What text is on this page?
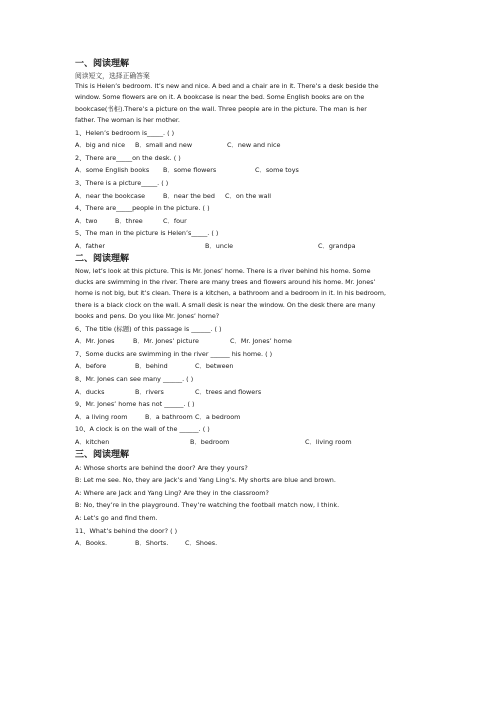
一、阅读理解
阅读短文，选择正确答案
This is Helen’s bedroom. It’s new and nice. A bed and a chair are in it. There’s a desk beside the
window. Some flowers are on it. A bookcase is near the bed. Some English books are on the
bookcase(书柜).There’s a picture on the wall. Three people are in the picture. The man is her
father. The woman is her mother.
1、Helen’s bedroom is_____. ( )
A．big and nice B．small and new	C．new and nice
2、There are_____on the desk. ( )
A．some English books B．some flowers	C．some toys
3、There is a picture_____. ( )
A．near the bookcase	B．near the bed C．on the wall
4、There are_____people in the picture. ( )
A．two	B．three	C．four
5、The man in the picture is Helen’s_____. ( )
A．father	B．uncle	C．grandpa
二、阅读理解
Now, let’s look at this picture. This is Mr. Jones’ home. There is a river behind his home. Some
ducks are swimming in the river. There are many trees and flowers around his home. Mr. Jones’
home is not big, but it’s clean. There is a kitchen, a bathroom and a bedroom in it. In his bedroom,
there is a black clock on the wall. A small desk is near the window. On the desk there are many
books and pens. Do you like Mr. Jones’ home?
6、The title (标题) of this passage is ______. ( )
A．Mr. Jones	B．Mr. Jones’ picture	C．Mr. Jones’ home
7、Some ducks are swimming in the river ______ his home. ( )
A．before	B．behind	C．between
8、Mr. Jones can see many ______. ( )
A．ducks	B．rivers	C．trees and flowers
9、Mr. Jones’ home has not ______. ( )
A．a living room	B．a bathroom C．a bedroom
10、A clock is on the wall of the ______. ( )
A．kitchen	B．bedroom	C．living room
三、阅读理解
A: Whose shorts are behind the door? Are they yours?
B: Let me see. No, they are Jack’s and Yang Ling’s. My shorts are blue and brown.
A: Where are Jack and Yang Ling? Are they in the classroom?
B: No, they’re in the playground. They’re watching the football match now, I think.
A: Let’s go and find them.
11、What’s behind the door? ( )
A．Books.	B．Shorts.	C．Shoes.
